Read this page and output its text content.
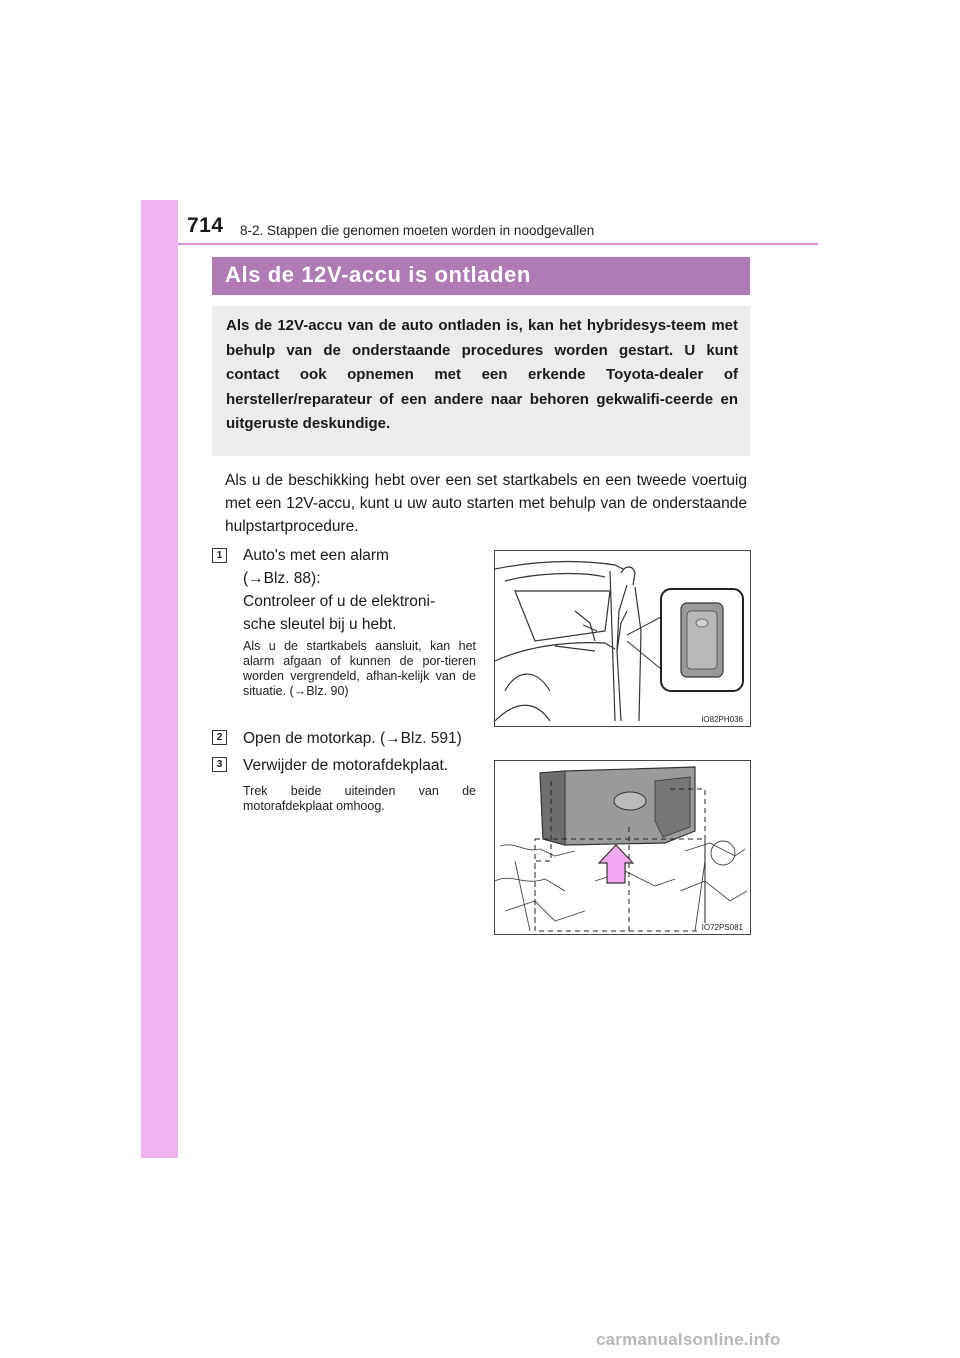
714 8-2. Stappen die genomen moeten worden in noodgevallen
Als de 12V-accu is ontladen

Als de 12V-accu van de auto ontladen is, kan het hybridesys-teem met behulp van de onderstaande procedures worden gestart. U kunt contact ook opnemen met een erkende Toyota-dealer of hersteller/reparateur of een andere naar behoren gekwalifi-ceerde en uitgeruste deskundige.

Als u de beschikking hebt over een set startkabels en een tweede voertuig met een 12V-accu, kunt u uw auto starten met behulp van de onderstaande hulpstartprocedure.

1	Auto's met een alarm
(→Blz. 88):
Controleer of u de elektroni-
sche sleutel bij u hebt.

Als u de startkabels aansluit, kan het alarm afgaan of kunnen de por-tieren worden vergrendeld, afhan-kelijk van de situatie. (→Blz. 90)

IO82PH036
2	Open de motorkap. (→Blz. 591)
3	Verwijder de motorafdekplaat.

Trek beide uiteinden van de motorafdekplaat omhoog.

IO72PS081
carmanualsonline.info
